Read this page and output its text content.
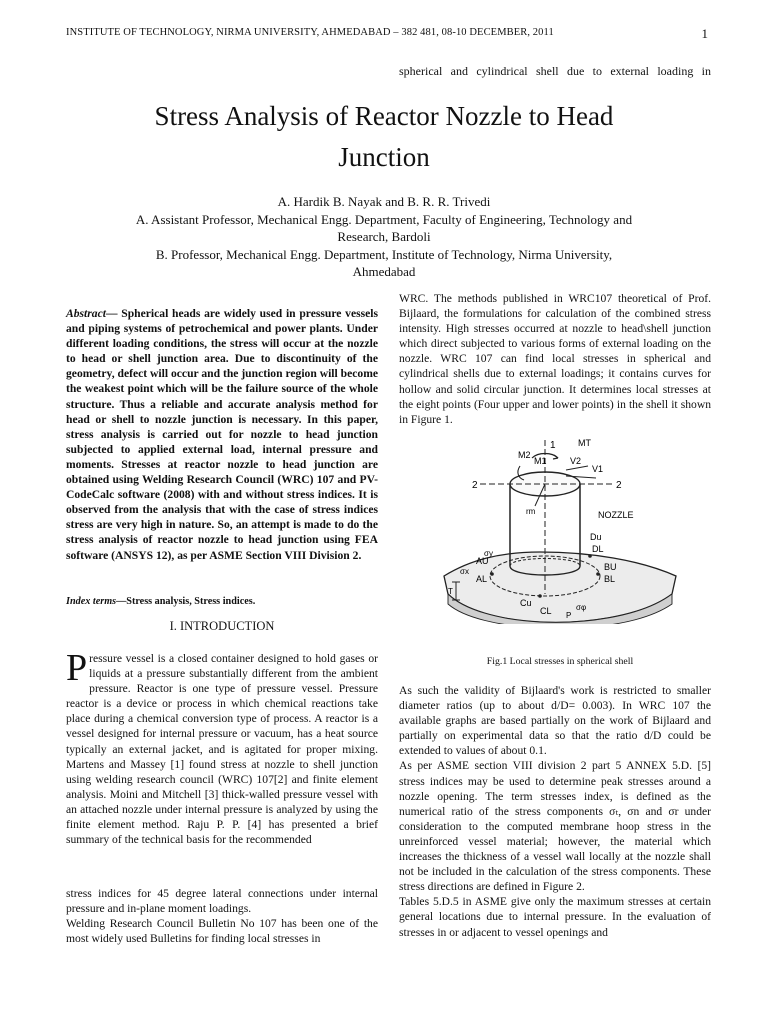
INSTITUTE OF TECHNOLOGY, NIRMA UNIVERSITY, AHMEDABAD – 382 481, 08-10 DECEMBER, 2011	1
spherical and cylindrical shell due to external loading in
Stress Analysis of Reactor Nozzle to Head
Junction
A. Hardik B. Nayak and B. R. R. Trivedi
A. Assistant Professor, Mechanical Engg. Department, Faculty of Engineering, Technology and
Research, Bardoli
B. Professor, Mechanical Engg. Department, Institute of Technology, Nirma University,
Ahmedabad
Abstract— Spherical heads are widely used in pressure vessels and piping systems of petrochemical and power plants. Under different loading conditions, the stress will occur at the nozzle to head or shell junction area. Due to discontinuity of the geometry, defect will occur and the junction region will become the weakest point which will be the failure source of the whole structure. Thus a reliable and accurate analysis method for head or shell to nozzle junction is necessary. In this paper, stress analysis is carried out for nozzle to head junction subjected to applied external load, internal pressure and moments. Stresses at reactor nozzle to head junction are obtained using Welding Research Council (WRC) 107 and PV-CodeCalc software (2008) with and without stress indices. It is observed from the analysis that with the case of stress indices stress are very high in nature. So, an attempt is made to do the stress analysis of reactor nozzle to head junction using FEA software (ANSYS 12), as per ASME Section VIII Division 2.
Index terms—Stress analysis, Stress indices.
I. INTRODUCTION
Pressure vessel is a closed container designed to hold gases or liquids at a pressure substantially different from the ambient pressure. Reactor is one type of pressure vessel. Pressure reactor is a device or process in which chemical reactions take place during a chemical conversion type of process. A reactor is a vessel designed for internal pressure or vacuum, has a heat source typically an external jacket, and is agitated for proper mixing. Martens and Massey [1] found stress at nozzle to shell junction using welding research council (WRC) 107[2] and finite element analysis. Moini and Mitchell [3] thick-walled pressure vessel with an attached nozzle under internal pressure is analyzed by using the finite element method. Raju P. P. [4] has presented a brief summary of the technical basis for the recommended
stress indices for 45 degree lateral connections under internal pressure and in-plane moment loadings.
Welding Research Council Bulletin No 107 has been one of the most widely used Bulletins for finding local stresses in
WRC. The methods published in WRC107 theoretical of Prof. Bijlaard, the formulations for calculation of the combined stress intensity. High stresses occurred at nozzle to head\shell junction which direct subjected to various forms of external loading on the nozzle. WRC 107 can find local stresses in spherical and cylindrical shells due to external loadings; it contains curves for hollow and solid circular junction. It determines local stresses at the eight points (Four upper and lower points) in the shell it shown in Figure 1.
MT
M2
M1	V2
V1
2	2
1
rm	NOZZLE
Du
DL
AU
AL
BU
BL
Cu
CL
σx
σy
σφ
T
P
Fig.1 Local stresses in spherical shell

As such the validity of Bijlaard's work is restricted to smaller diameter ratios (up to about d/D= 0.003). In WRC 107 the available graphs are based partially on the work of Bijlaard and partially on experimental data so that the ratio d/D could be extended to values of about 0.1.

As per ASME section VIII division 2 part 5 ANNEX 5.D. [5] stress indices may be used to determine peak stresses around a nozzle opening. The term stresses index, is defined as the numerical ratio of the stress components σₜ, σn and σr under consideration to the computed membrane hoop stress in the unreinforced vessel material; however, the material which increases the thickness of a vessel wall locally at the nozzle shall not be included in the calculation of the stress components. These stress directions are defined in Figure 2.

Tables 5.D.5 in ASME give only the maximum stresses at certain general locations due to internal pressure. In the evaluation of stresses in or adjacent to vessel openings and
